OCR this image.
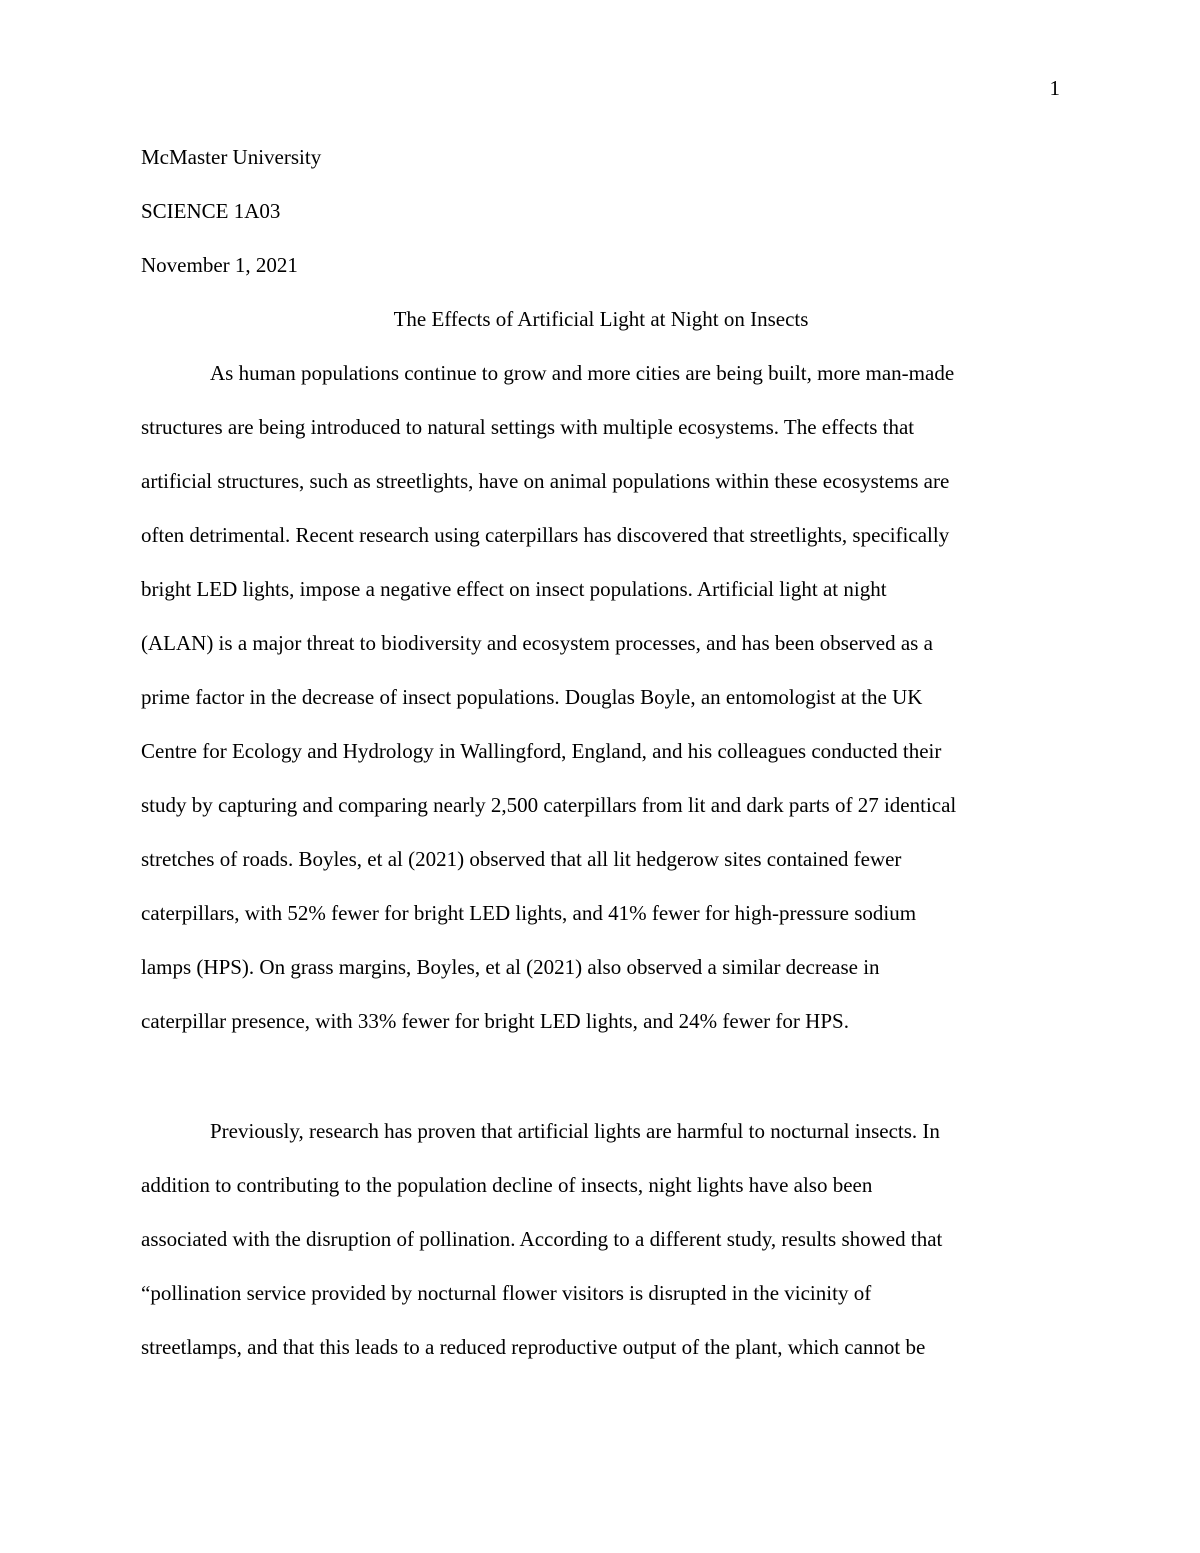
1
McMaster University
SCIENCE 1A03
November 1, 2021
The Effects of Artificial Light at Night on Insects
As human populations continue to grow and more cities are being built, more man-made
structures are being introduced to natural settings with multiple ecosystems. The effects that
artificial structures, such as streetlights, have on animal populations within these ecosystems are
often detrimental. Recent research using caterpillars has discovered that streetlights, specifically
bright LED lights, impose a negative effect on insect populations. Artificial light at night
(ALAN) is a major threat to biodiversity and ecosystem processes, and has been observed as a
prime factor in the decrease of insect populations. Douglas Boyle, an entomologist at the UK
Centre for Ecology and Hydrology in Wallingford, England, and his colleagues conducted their
study by capturing and comparing nearly 2,500 caterpillars from lit and dark parts of 27 identical
stretches of roads. Boyles, et al (2021) observed that all lit hedgerow sites contained fewer
caterpillars, with 52% fewer for bright LED lights, and 41% fewer for high-pressure sodium
lamps (HPS). On grass margins, Boyles, et al (2021) also observed a similar decrease in
caterpillar presence, with 33% fewer for bright LED lights, and 24% fewer for HPS.
Previously, research has proven that artificial lights are harmful to nocturnal insects. In
addition to contributing to the population decline of insects, night lights have also been
associated with the disruption of pollination. According to a different study, results showed that
“pollination service provided by nocturnal flower visitors is disrupted in the vicinity of
streetlamps, and that this leads to a reduced reproductive output of the plant, which cannot be
